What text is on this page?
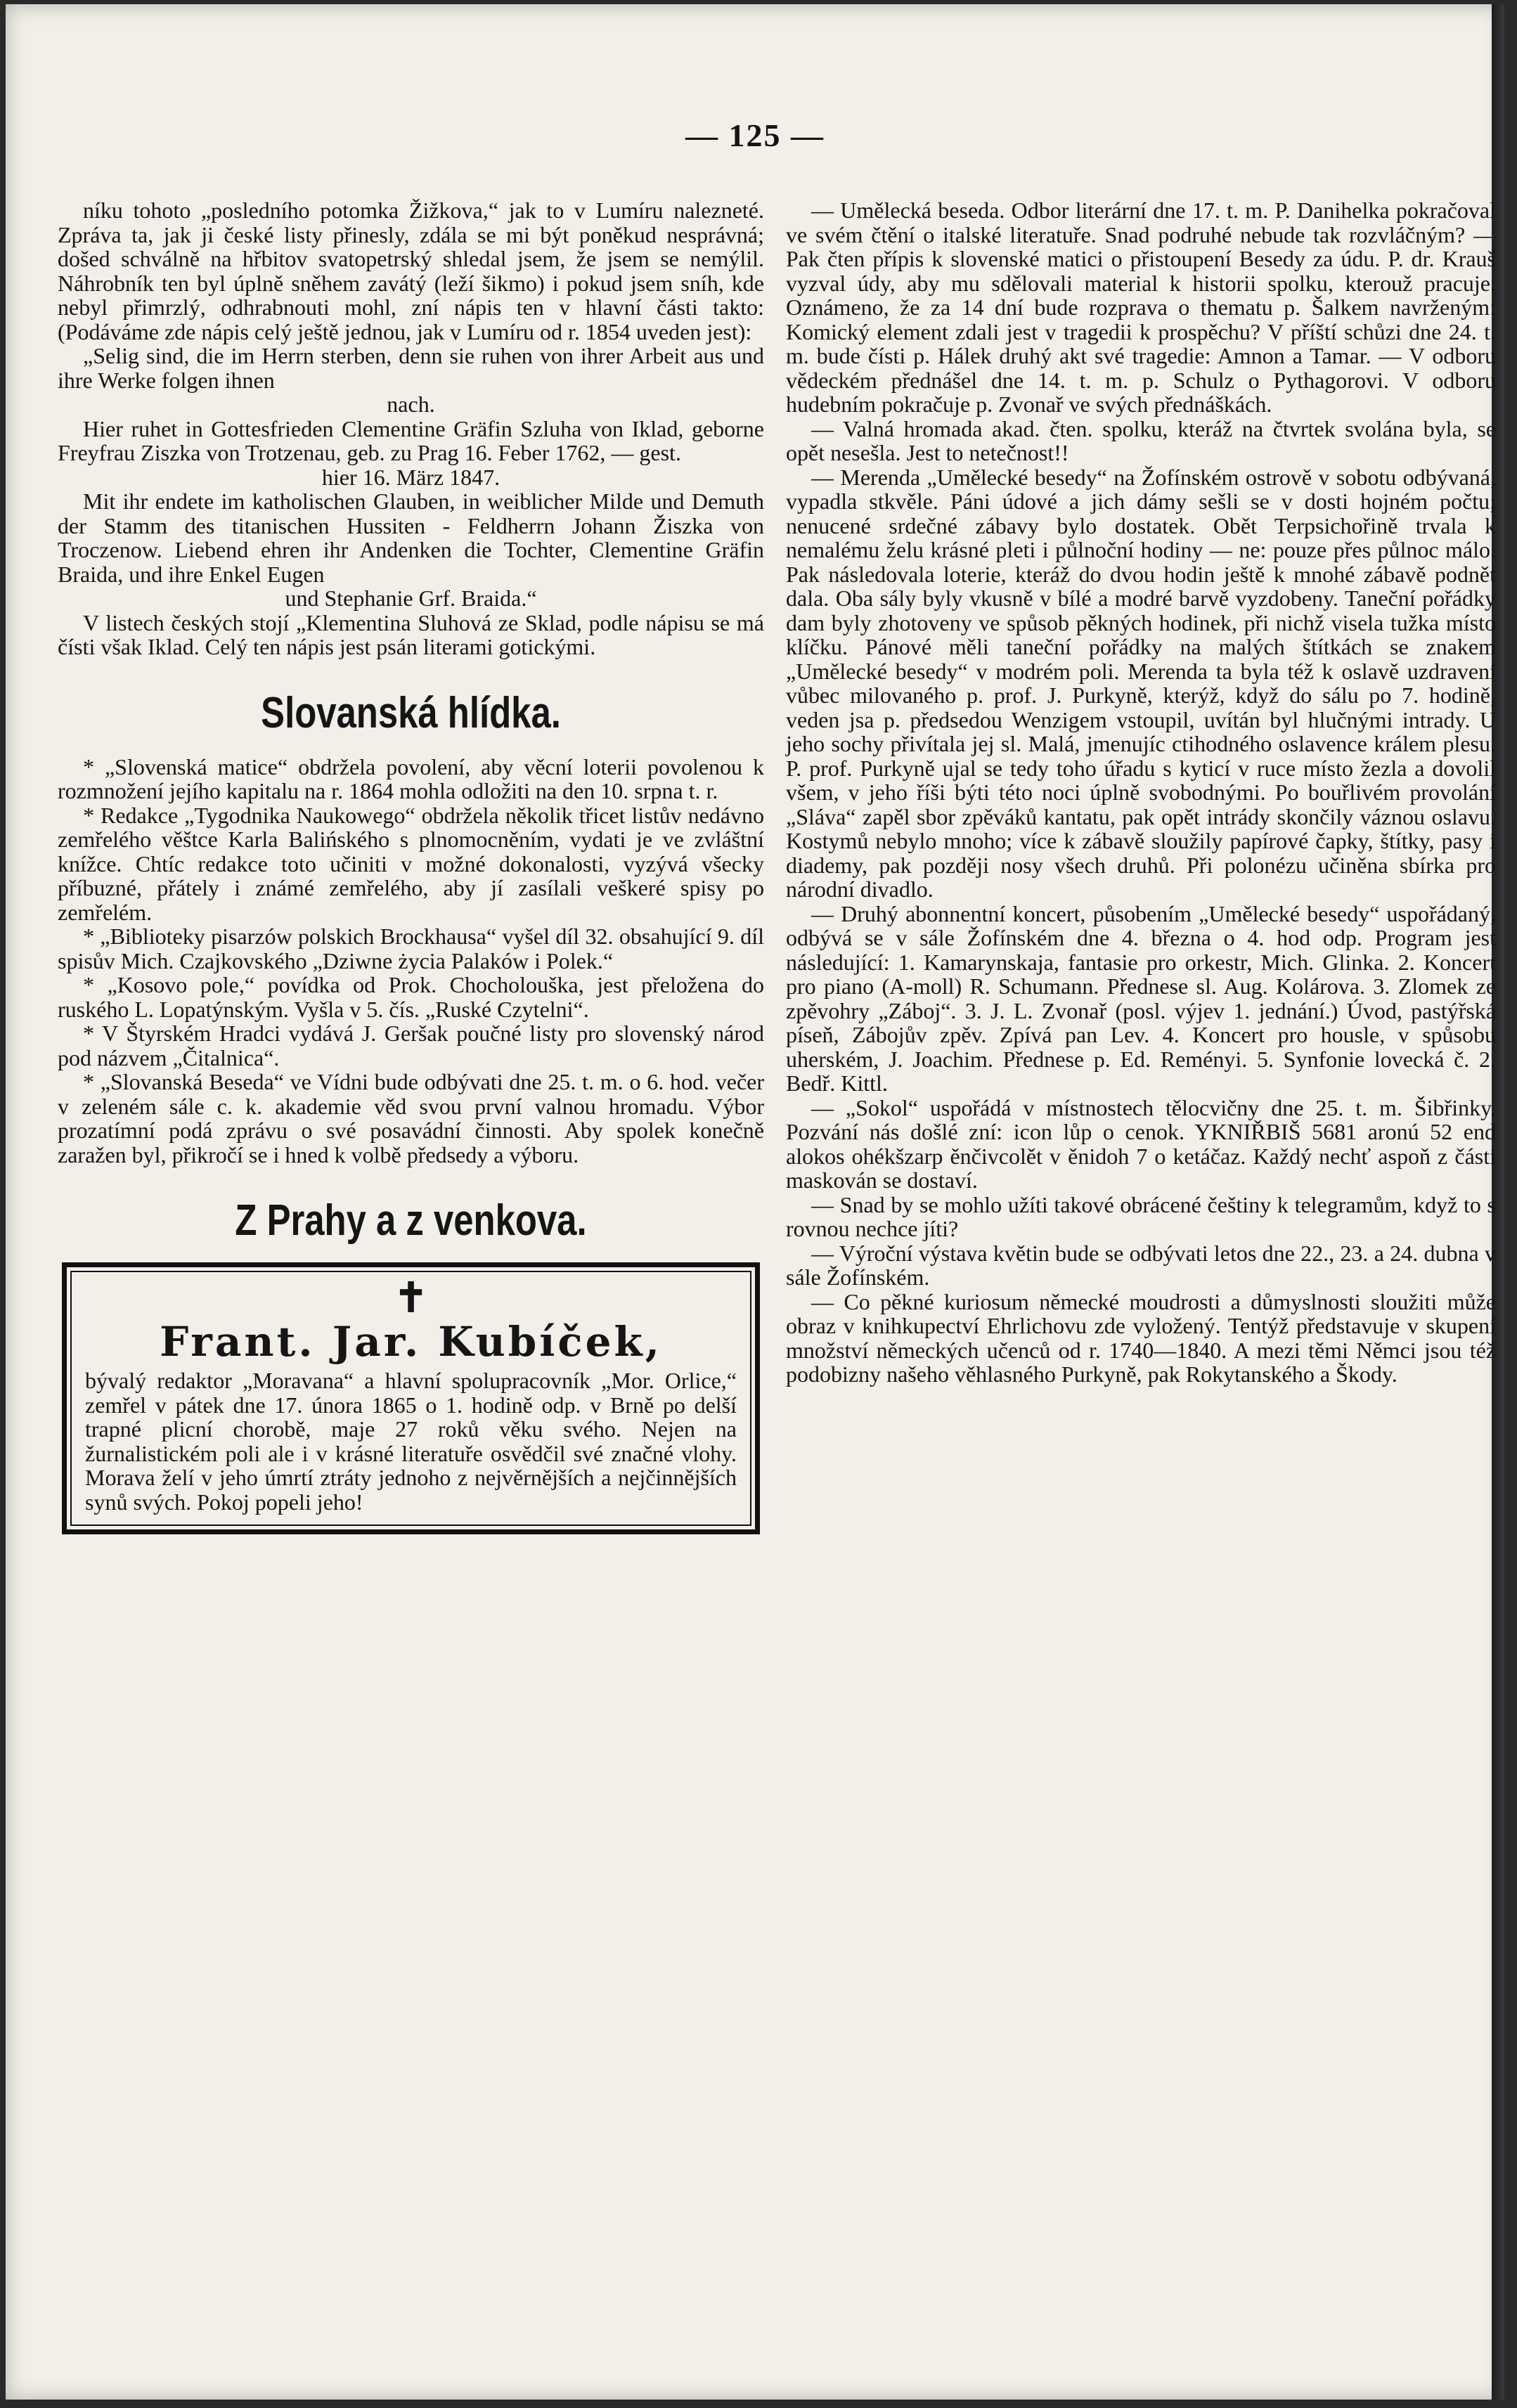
— 125 —

níku tohoto „posledního potomka Žižkova,“ jak to v Lumíru nalezneté. Zpráva ta, jak ji české listy přinesly, zdála se mi být poněkud nesprávná; došed schválně na hřbitov svatopetrský shledal jsem, že jsem se nemýlil. Náhrobník ten byl úplně sněhem zavátý (leží šikmo) i pokud jsem sníh, kde nebyl přimrzlý, odhrabnouti mohl, zní nápis ten v hlavní části takto: (Podáváme zde nápis celý ještě jednou, jak v Lumíru od r. 1854 uveden jest):

„Selig sind, die im Herrn sterben, denn sie ruhen von ihrer Arbeit aus und ihre Werke folgen ihnen

nach.

Hier ruhet in Gottesfrieden Clementine Gräfin Szluha von Iklad, geborne Freyfrau Ziszka von Trotzenau, geb. zu Prag 16. Feber 1762, — gest.

hier 16. März 1847.

Mit ihr endete im katholischen Glauben, in weiblicher Milde und Demuth der Stamm des titanischen Hussiten - Feldherrn Johann Žiszka von Troczenow. Liebend ehren ihr Andenken die Tochter, Clementine Gräfin Braida, und ihre Enkel Eugen

und Stephanie Grf. Braida.“

V listech českých stojí „Klementina Sluhová ze Sklad, podle nápisu se má čísti však Iklad. Celý ten nápis jest psán literami gotickými.

Slovanská hlídka.

* „Slovenská matice“ obdržela povolení, aby věcní loterii povolenou k rozmnožení jejího kapitalu na r. 1864 mohla odložiti na den 10. srpna t. r.

* Redakce „Tygodnika Naukowego“ obdržela několik třicet listův nedávno zemřelého věštce Karla Balińského s plnomocněním, vydati je ve zvláštní knížce. Chtíc redakce toto učiniti v možné dokonalosti, vyzývá všecky příbuzné, přátely i známé zemřelého, aby jí zasílali veškeré spisy po zemřelém.

* „Biblioteky pisarzów polskich Brockhausa“ vyšel díl 32. obsahující 9. díl spisův Mich. Czajkovského „Dziwne życia Palaków i Polek.“

* „Kosovo pole,“ povídka od Prok. Chocholouška, jest přeložena do ruského L. Lopatýnským. Vyšla v 5. čís. „Ruské Czytelni“.

* V Štyrském Hradci vydává J. Geršak poučné listy pro slovenský národ pod názvem „Čitalnica“.

* „Slovanská Beseda“ ve Vídni bude odbývati dne 25. t. m. o 6. hod. večer v zeleném sále c. k. akademie věd svou první valnou hromadu. Výbor prozatímní podá zprávu o své posavádní činnosti. Aby spolek konečně zaražen byl, přikročí se i hned k volbě předsedy a výboru.

Z Prahy a z venkova.
✝
Frant. Jar. Kubíček,

bývalý redaktor „Moravana“ a hlavní spolupracovník „Mor. Orlice,“ zemřel v pátek dne 17. února 1865 o 1. hodině odp. v Brně po delší trapné plicní chorobě, maje 27 roků věku svého. Nejen na žurnalistickém poli ale i v krásné literatuře osvědčil své značné vlohy. Morava želí v jeho úmrtí ztráty jednoho z nejvěrnějších a nejčinnějších synů svých. Pokoj popeli jeho!

— Umělecká beseda. Odbor literární dne 17. t. m. P. Danihelka pokračoval ve svém čtění o italské literatuře. Snad podruhé nebude tak rozvláčným? — Pak čten přípis k slovenské matici o přistoupení Besedy za údu. P. dr. Krauš vyzval údy, aby mu sdělovali material k historii spolku, kterouž pracuje. Oznámeno, že za 14 dní bude rozprava o thematu p. Šalkem navrženým: Komický element zdali jest v tragedii k prospěchu? V příští schůzi dne 24. t. m. bude čísti p. Hálek druhý akt své tragedie: Amnon a Tamar. — V odboru vědeckém přednášel dne 14. t. m. p. Schulz o Pythagorovi. V odboru hudebním pokračuje p. Zvonař ve svých přednáškách.

— Valná hromada akad. čten. spolku, kteráž na čtvrtek svolána byla, se opět nesešla. Jest to netečnost!!

— Merenda „Umělecké besedy“ na Žofínském ostrově v sobotu odbývaná, vypadla stkvěle. Páni údové a jich dámy sešli se v dosti hojném počtu; nenucené srdečné zábavy bylo dostatek. Obět Terpsichořině trvala k nemalému želu krásné pleti i půlnoční hodiny — ne: pouze přes půlnoc málo. Pak následovala loterie, kteráž do dvou hodin ještě k mnohé zábavě podnět dala. Oba sály byly vkusně v bílé a modré barvě vyzdobeny. Taneční pořádky dam byly zhotoveny ve spůsob pěkných hodinek, při nichž visela tužka místo klíčku. Pánové měli taneční pořádky na malých štítkách se znakem „Umělecké besedy“ v modrém poli. Merenda ta byla též k oslavě uzdravení vůbec milovaného p. prof. J. Purkyně, kterýž, když do sálu po 7. hodině, veden jsa p. předsedou Wenzigem vstoupil, uvítán byl hlučnými intrady. U jeho sochy přivítala jej sl. Malá, jmenujíc ctihodného oslavence králem plesu. P. prof. Purkyně ujal se tedy toho úřadu s kyticí v ruce místo žezla a dovolil všem, v jeho říši býti této noci úplně svobodnými. Po bouřlivém provolání „Sláva“ zapěl sbor zpěváků kantatu, pak opět intrády skončily váznou oslavu. Kostymů nebylo mnoho; více k zábavě sloužily papírové čapky, štítky, pasy i diademy, pak později nosy všech druhů. Při polonézu učiněna sbírka pro národní divadlo.

— Druhý abonnentní koncert, působením „Umělecké besedy“ uspořádaný, odbývá se v sále Žofínském dne 4. března o 4. hod odp. Program jest následující: 1. Kamarynskaja, fantasie pro orkestr, Mich. Glinka. 2. Koncert pro piano (A-moll) R. Schumann. Přednese sl. Aug. Kolárova. 3. Zlomek ze zpěvohry „Záboj“. 3. J. L. Zvonař (posl. výjev 1. jednání.) Úvod, pastýřská píseň, Zábojův zpěv. Zpívá pan Lev. 4. Koncert pro housle, v spůsobu uherském, J. Joachim. Přednese p. Ed. Reményi. 5. Synfonie lovecká č. 2. Bedř. Kittl.

— „Sokol“ uspořádá v místnostech tělocvičny dne 25. t. m. Šibřinky. Pozvání nás došlé zní: icon lůp o cenok. YKNIŘBIŠ 5681 aronú 52 end alokos ohékšzarp ěnčivcolět v ěnidoh 7 o ketáčaz. Každý nechť aspoň z části maskován se dostaví.

— Snad by se mohlo užíti takové obrácené češtiny k telegramům, když to s rovnou nechce jíti?

— Výroční výstava květin bude se odbývati letos dne 22., 23. a 24. dubna v sále Žofínském.

— Co pěkné kuriosum německé moudrosti a důmyslnosti sloužiti může obraz v knihkupectví Ehrlichovu zde vyložený. Tentýž představuje v skupení množství německých učenců od r. 1740—1840. A mezi těmi Němci jsou též podobizny našeho věhlasného Purkyně, pak Rokytanského a Škody.
